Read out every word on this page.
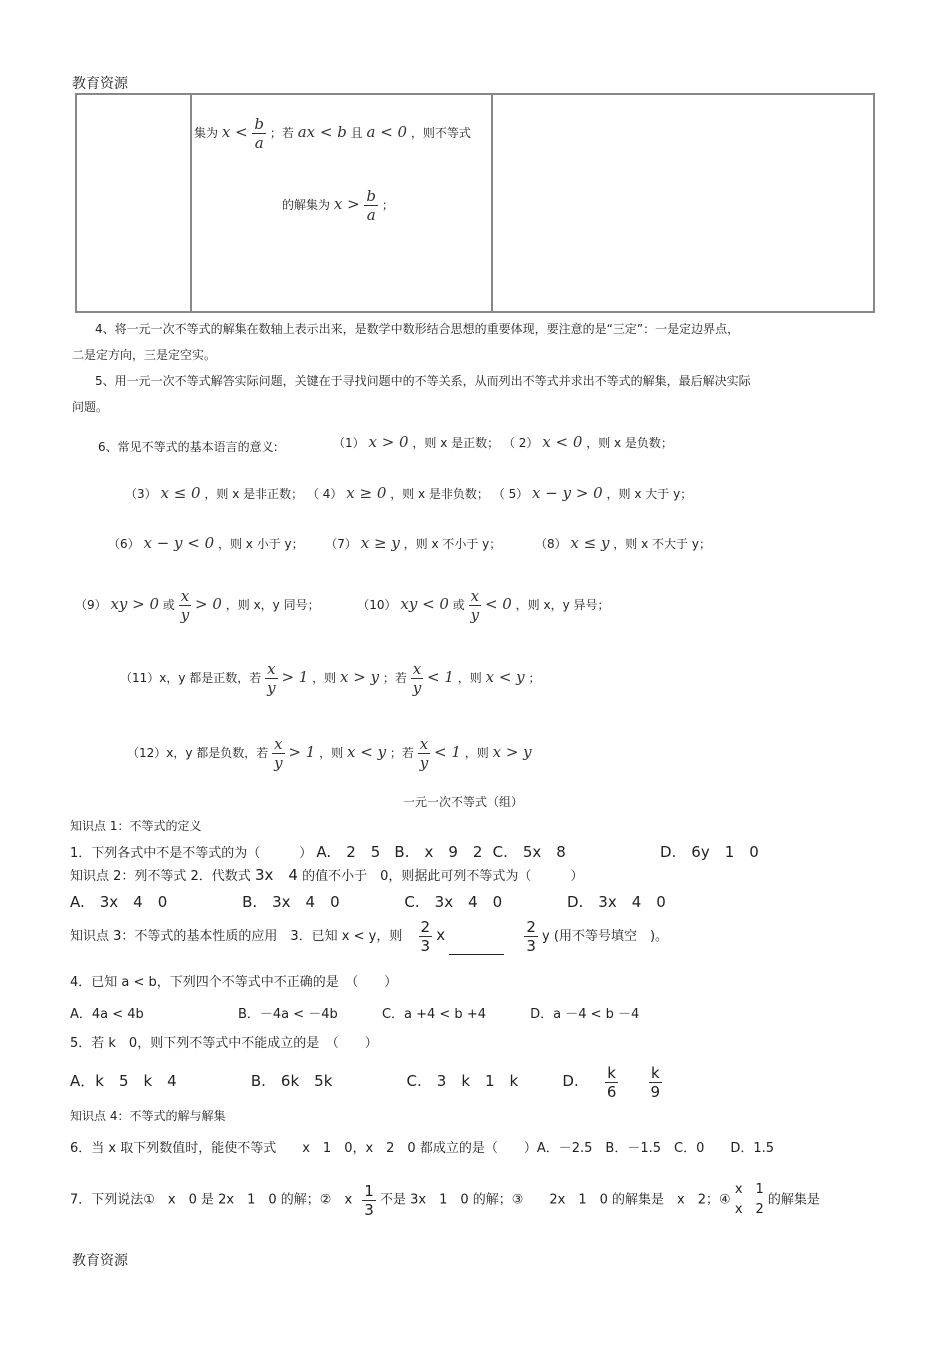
教育资源
集为 $x < \frac{b}{a}$ ；若 ax < b 且 a < 0 ，则不等式
的解集为 $x > \frac{b}{a}$ ；
4、将一元一次不等式的解集在数轴上表示出来，是数学中数形结合思想的重要体现，要注意的是“三定”：一是定边界点，
二是定方向，三是定空实。
5、用一元一次不等式解答实际问题，关键在于寻找问题中的不等关系，从而列出不等式并求出不等式的解集，最后解决实际
问题。
6、常见不等式的基本语言的意义:	（1） x > 0 ，则 x 是正数； （ 2） x < 0 ，则 x 是负数；
（3） x ≤ 0 ，则 x 是非正数； （ 4） x ≥ 0 ，则 x 是非负数； （ 5） x − y > 0 ，则 x 大于 y；
（6） x − y < 0 ，则 x 小于 y； （7） x ≥ y ，则 x 不小于 y；	（8） x ≤ y ，则 x 不大于 y；
（9） xy > 0 或 $\frac{x}{y} > 0$ ，则 x，y 同号；	（10） xy < 0 或 $\frac{x}{y} < 0$ ，则 x，y 异号；
（11）x，y 都是正数，若 $\frac{x}{y} > 1$ ，则 x > y ；若 $\frac{x}{y} < 1$ ，则 x < y ；
（12）x，y 都是负数，若 $\frac{x}{y} > 1$ ，则 x < y ；若 $\frac{x}{y} < 1$ ，则 x > y
一元一次不等式（组）
知识点 1：不等式的定义
1．下列各式中不是不等式的为（　　　） A.　2　5 B.　x　9　2 C.　5x　8	D.　6y　1　0
知识点 2：列不等式 2．代数式 3x　4 的值不小于　0，则据此可列不等式为（　　　）
A.　3x　4　0	B.　3x　4　0	C.　3x　4　0	D.　3x　4　0
知识点 3：不等式的基本性质的应用　3．已知 x < y，则 $\frac{2}{3}$ x	$\frac{2}{3}$ y (用不等号填空　)。
4．已知 a < b，下列四个不等式中不正确的是　（　　）
A．4a < 4b	B．－4a < －4b	C．a +4 < b +4	D．a －4 < b －4
5．若 k　0，则下列不等式中不能成立的是　（　　）
A．k　5　k　4	B.　6k　5k	C.　3　k　1　k	D. $\frac{k}{6}$
$\frac{k}{9}$
知识点 4：不等式的解与解集
6．当 x 取下列数值时，能使不等式　　x　1　0，x　2　0 都成立的是（　　）A．－2.5　B．－1.5　C．0　　D．1.5
7．下列说法①　x　0 是 2x　1　0 的解；②　x $\frac{1}{3}$ 不是 3x　1　0 的解；③　　2x　1　0 的解集是　x　2；④
x　1
x　2
的解集是
教育资源
